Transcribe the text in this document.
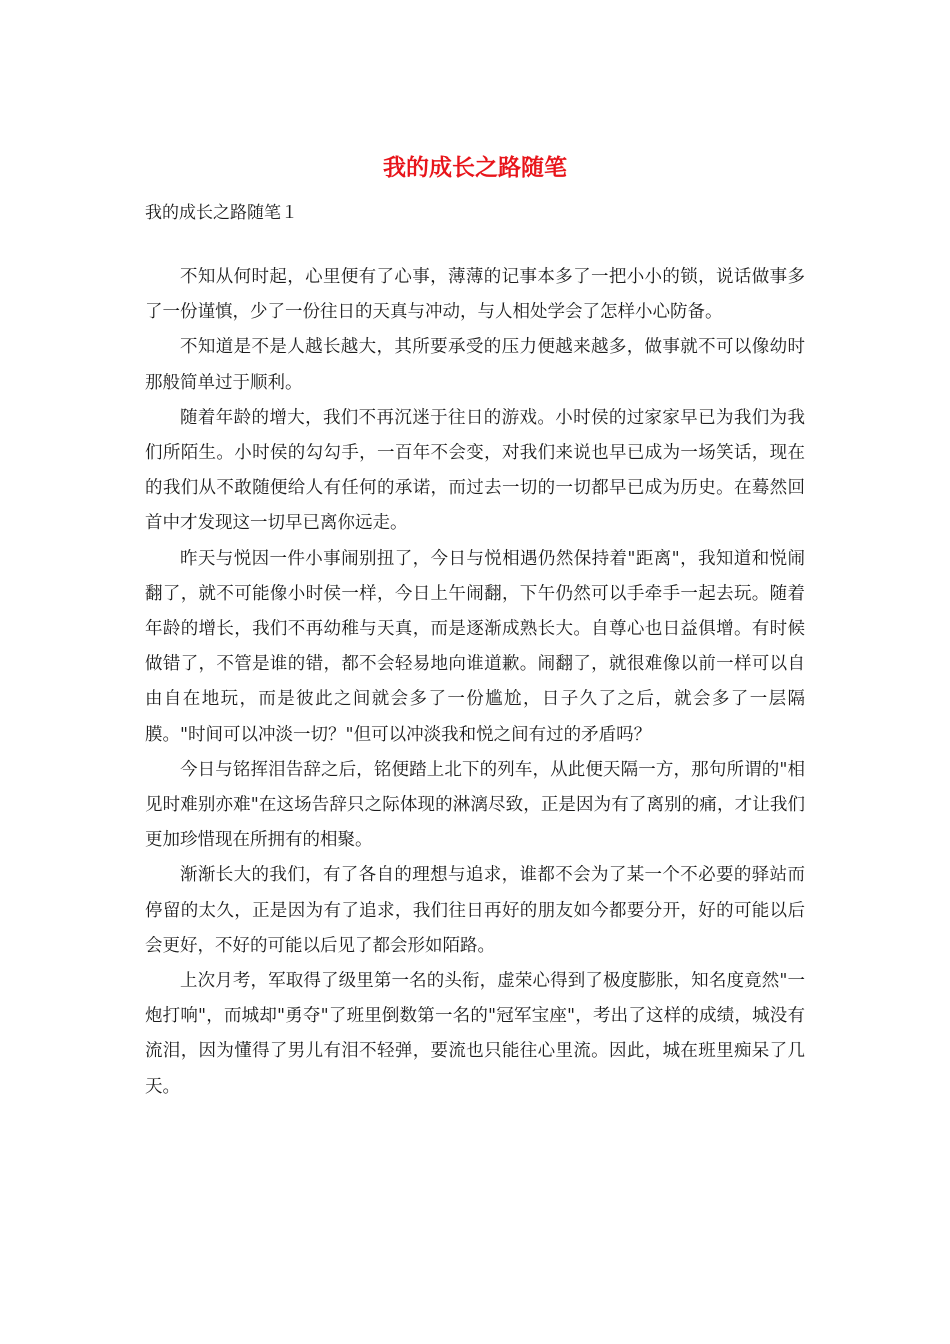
我的成长之路随笔
我的成长之路随笔１

不知从何时起，心里便有了心事，薄薄的记事本多了一把小小的锁，说话做事多了一份谨慎，少了一份往日的天真与冲动，与人相处学会了怎样小心防备。

不知道是不是人越长越大，其所要承受的压力便越来越多，做事就不可以像幼时那般简单过于顺利。

随着年龄的增大，我们不再沉迷于往日的游戏。小时侯的过家家早已为我们为我们所陌生。小时侯的勾勾手，一百年不会变，对我们来说也早已成为一场笑话，现在的我们从不敢随便给人有任何的承诺，而过去一切的一切都早已成为历史。在蓦然回首中才发现这一切早已离你远走。

昨天与悦因一件小事闹别扭了，今日与悦相遇仍然保持着"距离"，我知道和悦闹翻了，就不可能像小时侯一样，今日上午闹翻，下午仍然可以手牵手一起去玩。随着年龄的增长，我们不再幼稚与天真，而是逐渐成熟长大。自尊心也日益俱增。有时候做错了，不管是谁的错，都不会轻易地向谁道歉。闹翻了，就很难像以前一样可以自由自在地玩，而是彼此之间就会多了一份尴尬，日子久了之后，就会多了一层隔膜。"时间可以冲淡一切？"但可以冲淡我和悦之间有过的矛盾吗？

今日与铭挥泪告辞之后，铭便踏上北下的列车，从此便天隔一方，那句所谓的"相见时难别亦难"在这场告辞只之际体现的淋漓尽致，正是因为有了离别的痛，才让我们更加珍惜现在所拥有的相聚。

渐渐长大的我们，有了各自的理想与追求，谁都不会为了某一个不必要的驿站而停留的太久，正是因为有了追求，我们往日再好的朋友如今都要分开，好的可能以后会更好，不好的可能以后见了都会形如陌路。

上次月考，军取得了级里第一名的头衔，虚荣心得到了极度膨胀，知名度竟然"一炮打响"，而城却"勇夺"了班里倒数第一名的"冠军宝座"，考出了这样的成绩，城没有流泪，因为懂得了男儿有泪不轻弹，要流也只能往心里流。因此，城在班里痴呆了几天。
